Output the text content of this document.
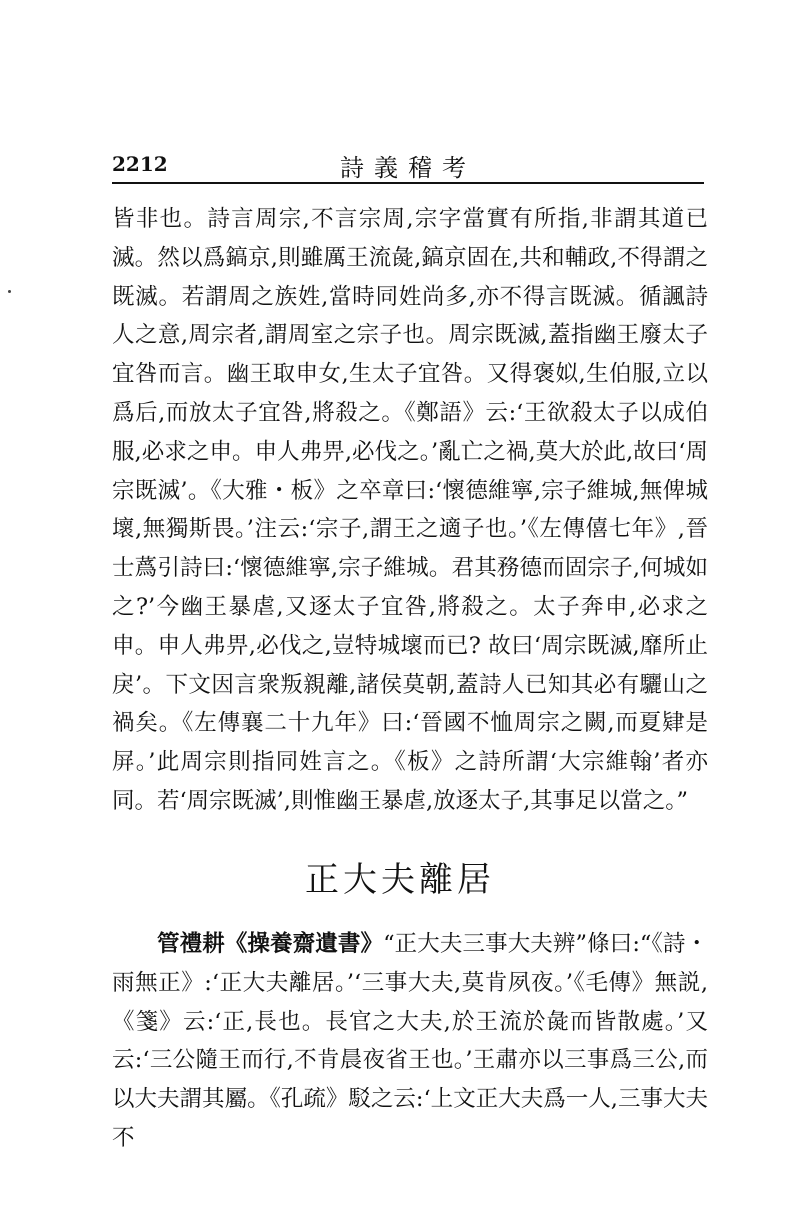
2212	詩義稽考

皆非也。詩言周宗,不言宗周,宗字當實有所指,非謂其道已滅。然以爲鎬京,則雖厲王流彘,鎬京固在,共和輔政,不得謂之既滅。若謂周之族姓,當時同姓尚多,亦不得言既滅。循諷詩人之意,周宗者,謂周室之宗子也。周宗既滅,蓋指幽王廢太子宜咎而言。幽王取申女,生太子宜咎。又得褒姒,生伯服,立以爲后,而放太子宜咎,將殺之。《鄭語》云:‘王欲殺太子以成伯服,必求之申。申人弗畀,必伐之。’亂亡之禍,莫大於此,故曰‘周宗既滅’。《大雅・板》之卒章曰:‘懷德維寧,宗子維城,無俾城壞,無獨斯畏。’注云:‘宗子,謂王之適子也。’《左傳僖七年》,晉士蔿引詩曰:‘懷德維寧,宗子維城。君其務德而固宗子,何城如之?’今幽王暴虐,又逐太子宜咎,將殺之。太子奔申,必求之申。申人弗畀,必伐之,豈特城壞而已? 故曰‘周宗既滅,靡所止戾’。下文因言衆叛親離,諸侯莫朝,蓋詩人已知其必有驪山之禍矣。《左傳襄二十九年》曰:‘晉國不恤周宗之闕,而夏肄是屏。’此周宗則指同姓言之。《板》之詩所謂‘大宗維翰’者亦同。若‘周宗既滅’,則惟幽王暴虐,放逐太子,其事足以當之。”

正大夫離居

管禮耕《操養齋遺書》“正大夫三事大夫辨”條曰:“《詩・雨無正》:‘正大夫離居。’‘三事大夫,莫肯夙夜。’《毛傳》無説,《箋》云:‘正,長也。長官之大夫,於王流於彘而皆散處。’又云:‘三公隨王而行,不肯晨夜省王也。’王肅亦以三事爲三公,而以大夫謂其屬。《孔疏》駁之云:‘上文正大夫爲一人,三事大夫不
